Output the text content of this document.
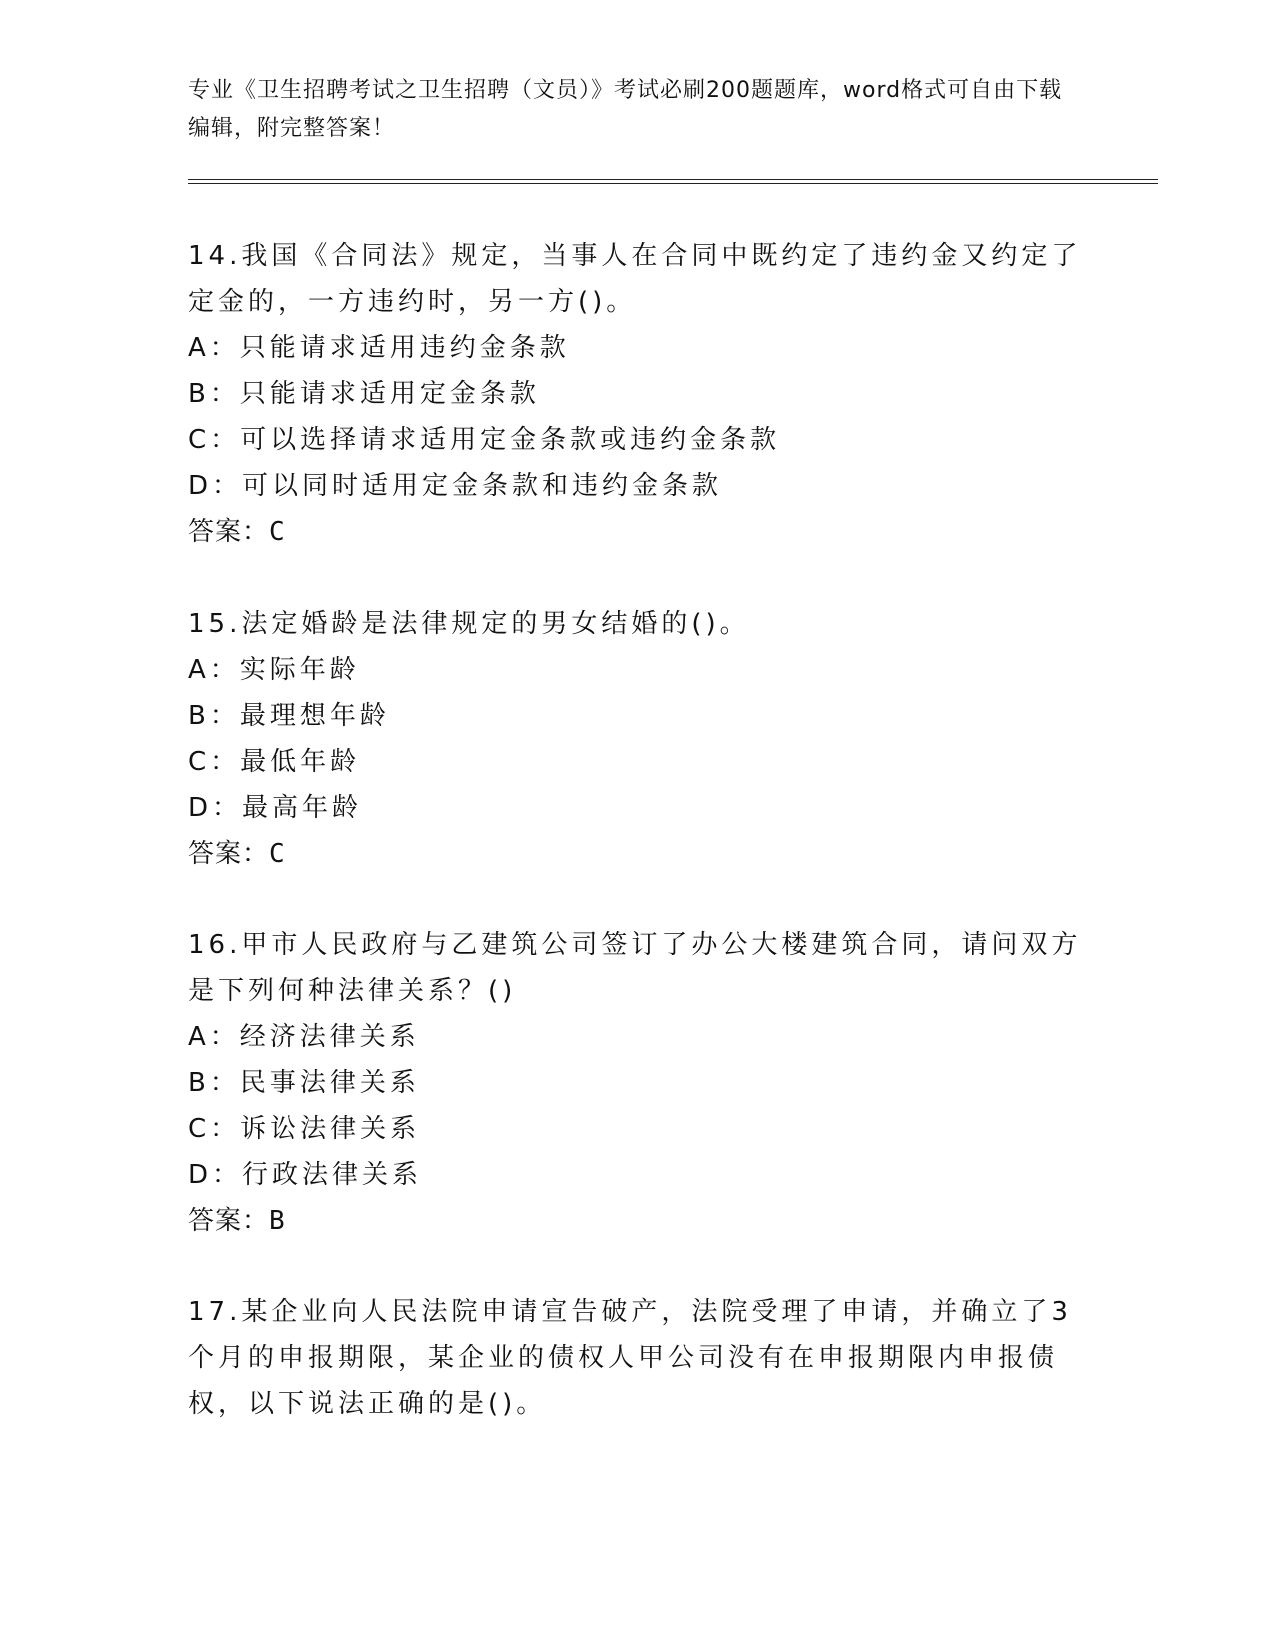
专业《卫生招聘考试之卫生招聘（文员）》考试必刷200题题库，word格式可自由下载编辑，附完整答案！

14.我国《合同法》规定，当事人在合同中既约定了违约金又约定了定金的，一方违约时，另一方()。

A：只能请求适用违约金条款

B：只能请求适用定金条款

C：可以选择请求适用定金条款或违约金条款

D：可以同时适用定金条款和违约金条款

答案：C

15.法定婚龄是法律规定的男女结婚的()。

A：实际年龄

B：最理想年龄

C：最低年龄

D：最高年龄

答案：C

16.甲市人民政府与乙建筑公司签订了办公大楼建筑合同，请问双方是下列何种法律关系？()

A：经济法律关系

B：民事法律关系

C：诉讼法律关系

D：行政法律关系

答案：B

17.某企业向人民法院申请宣告破产，法院受理了申请，并确立了3个月的申报期限，某企业的债权人甲公司没有在申报期限内申报债权，以下说法正确的是()。
